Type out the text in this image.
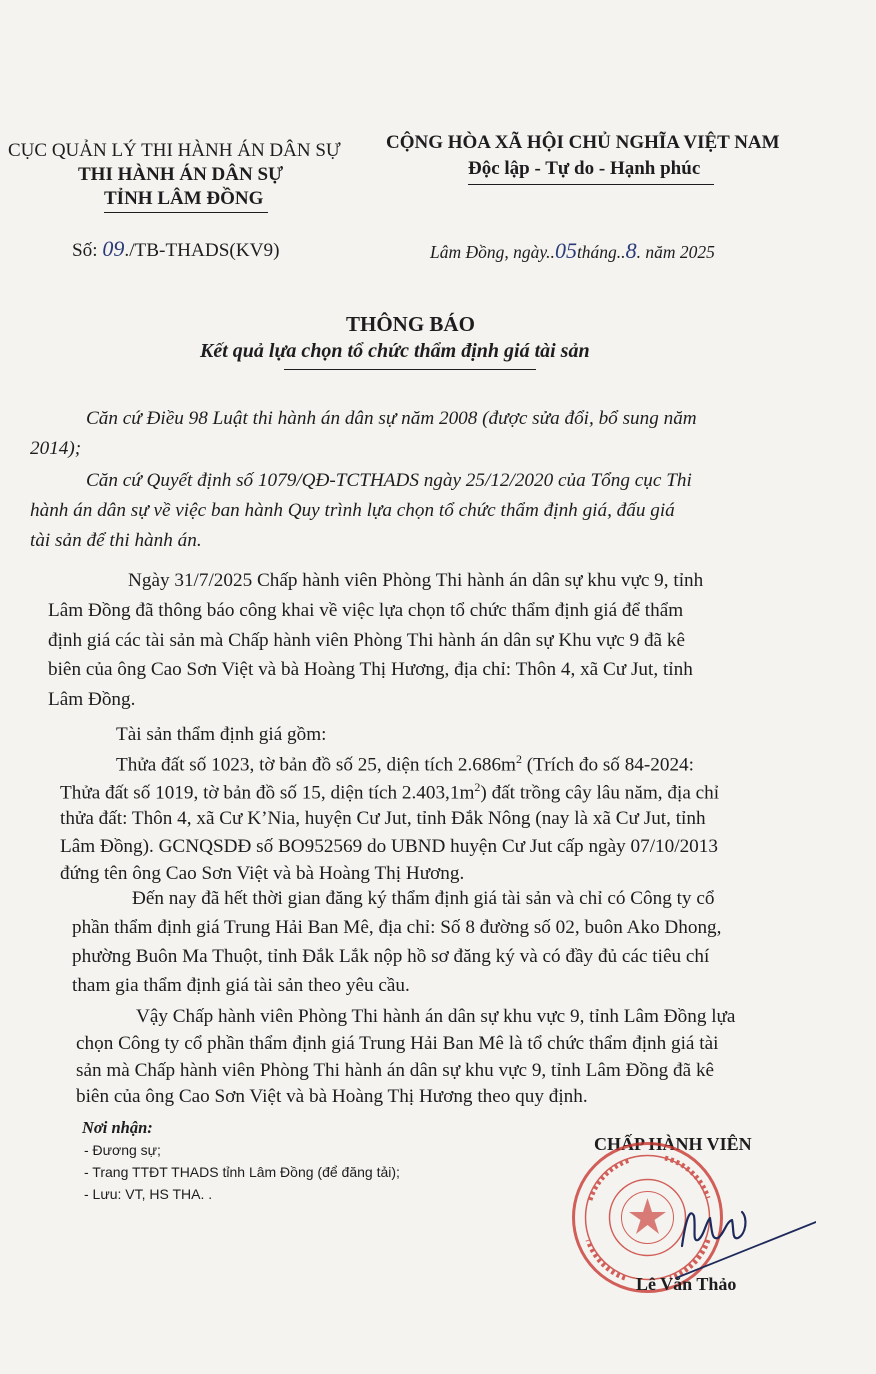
CỤC QUẢN LÝ THI HÀNH ÁN DÂN SỰ
THI HÀNH ÁN DÂN SỰ
TỈNH LÂM ĐỒNG
CỘNG HÒA XÃ HỘI CHỦ NGHĨA VIỆT NAM
Độc lập - Tự do - Hạnh phúc
Số: 09./TB-THADS(KV9)	Lâm Đồng, ngày..05tháng..8. năm 2025
THÔNG BÁO
Kết quả lựa chọn tổ chức thẩm định giá tài sản
Căn cứ Điều 98 Luật thi hành án dân sự năm 2008 (được sửa đổi, bổ sung năm
2014);
Căn cứ Quyết định số 1079/QĐ-TCTHADS ngày 25/12/2020 của Tổng cục Thi
hành án dân sự về việc ban hành Quy trình lựa chọn tổ chức thẩm định giá, đấu giá
tài sản để thi hành án.
Ngày 31/7/2025 Chấp hành viên Phòng Thi hành án dân sự khu vực 9, tỉnh
Lâm Đồng đã thông báo công khai về việc lựa chọn tổ chức thẩm định giá để thẩm
định giá các tài sản mà Chấp hành viên Phòng Thi hành án dân sự Khu vực 9 đã kê
biên của ông Cao Sơn Việt và bà Hoàng Thị Hương, địa chỉ: Thôn 4, xã Cư Jut, tỉnh
Lâm Đồng.
Tài sản thẩm định giá gồm:
Thửa đất số 1023, tờ bản đồ số 25, diện tích $2.686m^2$ (Trích đo số 84-2024:
Thửa đất số 1019, tờ bản đồ số 15, diện tích $2.403,1m^2$) đất trồng cây lâu năm, địa chỉ
thửa đất: Thôn 4, xã Cư K’Nia, huyện Cư Jut, tỉnh Đắk Nông (nay là xã Cư Jut, tỉnh
Lâm Đồng). GCNQSDĐ số BO952569 do UBND huyện Cư Jut cấp ngày 07/10/2013
đứng tên ông Cao Sơn Việt và bà Hoàng Thị Hương.
Đến nay đã hết thời gian đăng ký thẩm định giá tài sản và chỉ có Công ty cổ
phần thẩm định giá Trung Hải Ban Mê, địa chỉ: Số 8 đường số 02, buôn Ako Dhong,
phường Buôn Ma Thuột, tỉnh Đắk Lắk nộp hồ sơ đăng ký và có đầy đủ các tiêu chí
tham gia thẩm định giá tài sản theo yêu cầu.
Vậy Chấp hành viên Phòng Thi hành án dân sự khu vực 9, tỉnh Lâm Đồng lựa
chọn Công ty cổ phần thẩm định giá Trung Hải Ban Mê là tổ chức thẩm định giá tài
sản mà Chấp hành viên Phòng Thi hành án dân sự khu vực 9, tỉnh Lâm Đồng đã kê
biên của ông Cao Sơn Việt và bà Hoàng Thị Hương theo quy định.
Nơi nhận:
- Đương sự;
- Trang TTĐT THADS tỉnh Lâm Đồng (để đăng tải);
- Lưu: VT, HS THA. .
CHẤP HÀNH VIÊN
Lê Văn Thảo
